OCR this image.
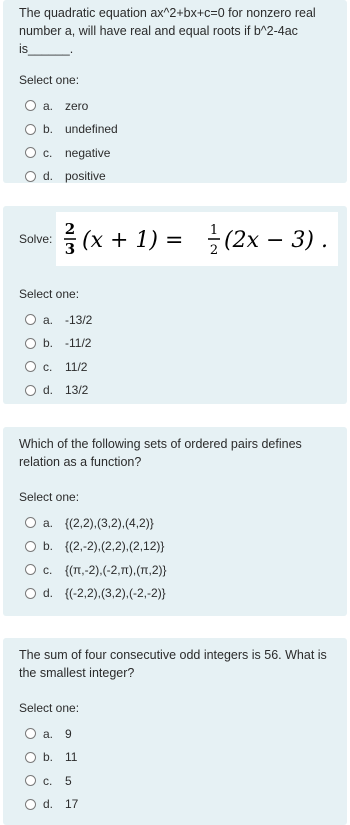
The quadratic equation ax^2+bx+c=0 for nonzero real number a, will have real and equal roots if b^2-4ac is______.
Select one:
a. zero
b. undefined
c.	negative
d. positive
Solve:
2
3 (x + 1) = 1
2 (2x − 3) .
Select one:
a. -13/2
b. -11/2
c.	11/2
d. 13/2
Which of the following sets of ordered pairs defines relation as a function?
Select one:
a. {(2,2),(3,2),(4,2)}
b. {(2,-2),(2,2),(2,12)}
c.	{(π,-2),(-2,π),(π,2)}
d. {(-2,2),(3,2),(-2,-2)}
The sum of four consecutive odd integers is 56. What is the smallest integer?
Select one:
a. 9
b. 11
c.	5
d. 17
